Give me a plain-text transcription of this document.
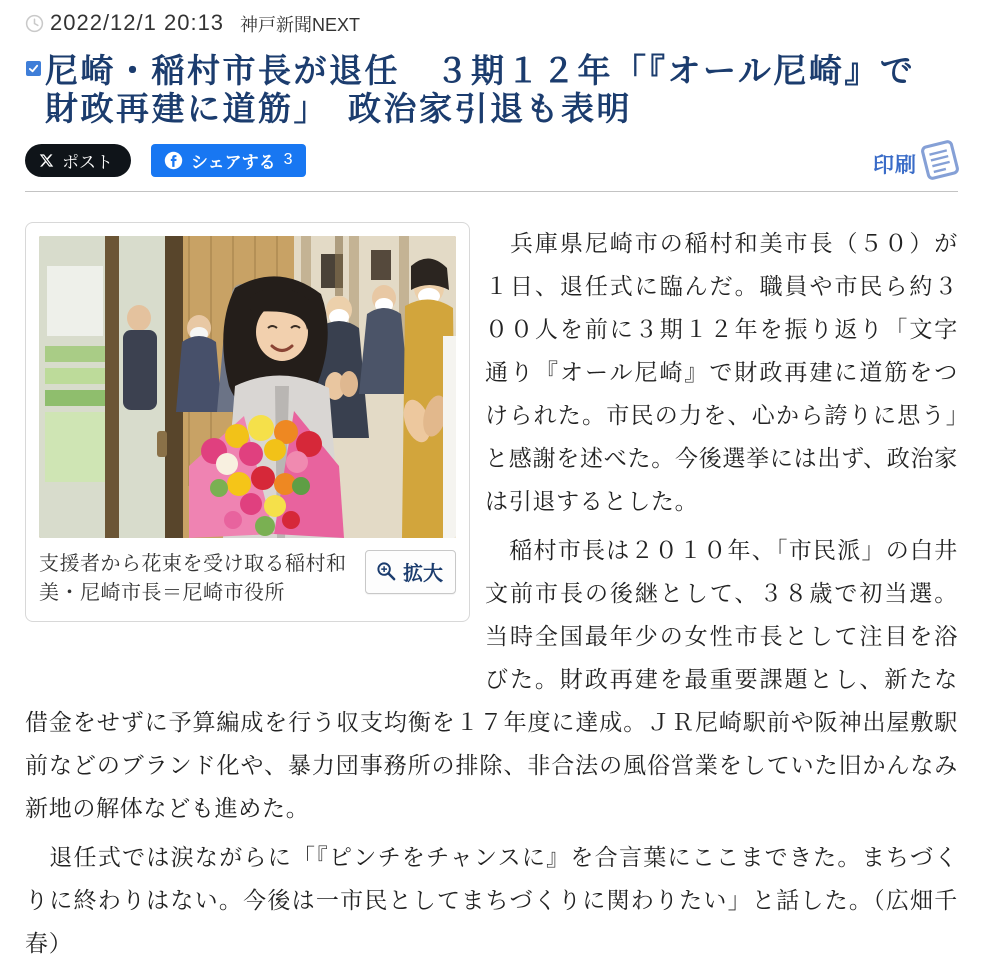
2022/12/1 20:13 神戸新聞NEXT
尼崎・稲村市長が退任　３期１２年「『オール尼崎』で財政再建に道筋」　政治家引退も表明
ポスト	シェアする 3	印刷
支援者から花束を受け取る稲村和美・尼崎市長＝尼崎市役所
拡大

　兵庫県尼崎市の稲村和美市長（５０）が１日、退任式に臨んだ。職員や市民ら約３００人を前に３期１２年を振り返り「文字通り『オール尼崎』で財政再建に道筋をつけられた。市民の力を、心から誇りに思う」と感謝を述べた。今後選挙には出ず、政治家は引退するとした。

　稲村市長は２０１０年、「市民派」の白井文前市長の後継として、３８歳で初当選。当時全国最年少の女性市長として注目を浴びた。財政再建を最重要課題とし、新たな借金をせずに予算編成を行う収支均衡を１７年度に達成。ＪＲ尼崎駅前や阪神出屋敷駅前などのブランド化や、暴力団事務所の排除、非合法の風俗営業をしていた旧かんなみ新地の解体なども進めた。

　退任式では涙ながらに「『ピンチをチャンスに』を合言葉にここまできた。まちづくりに終わりはない。今後は一市民としてまちづくりに関わりたい」と話した。（広畑千春）
